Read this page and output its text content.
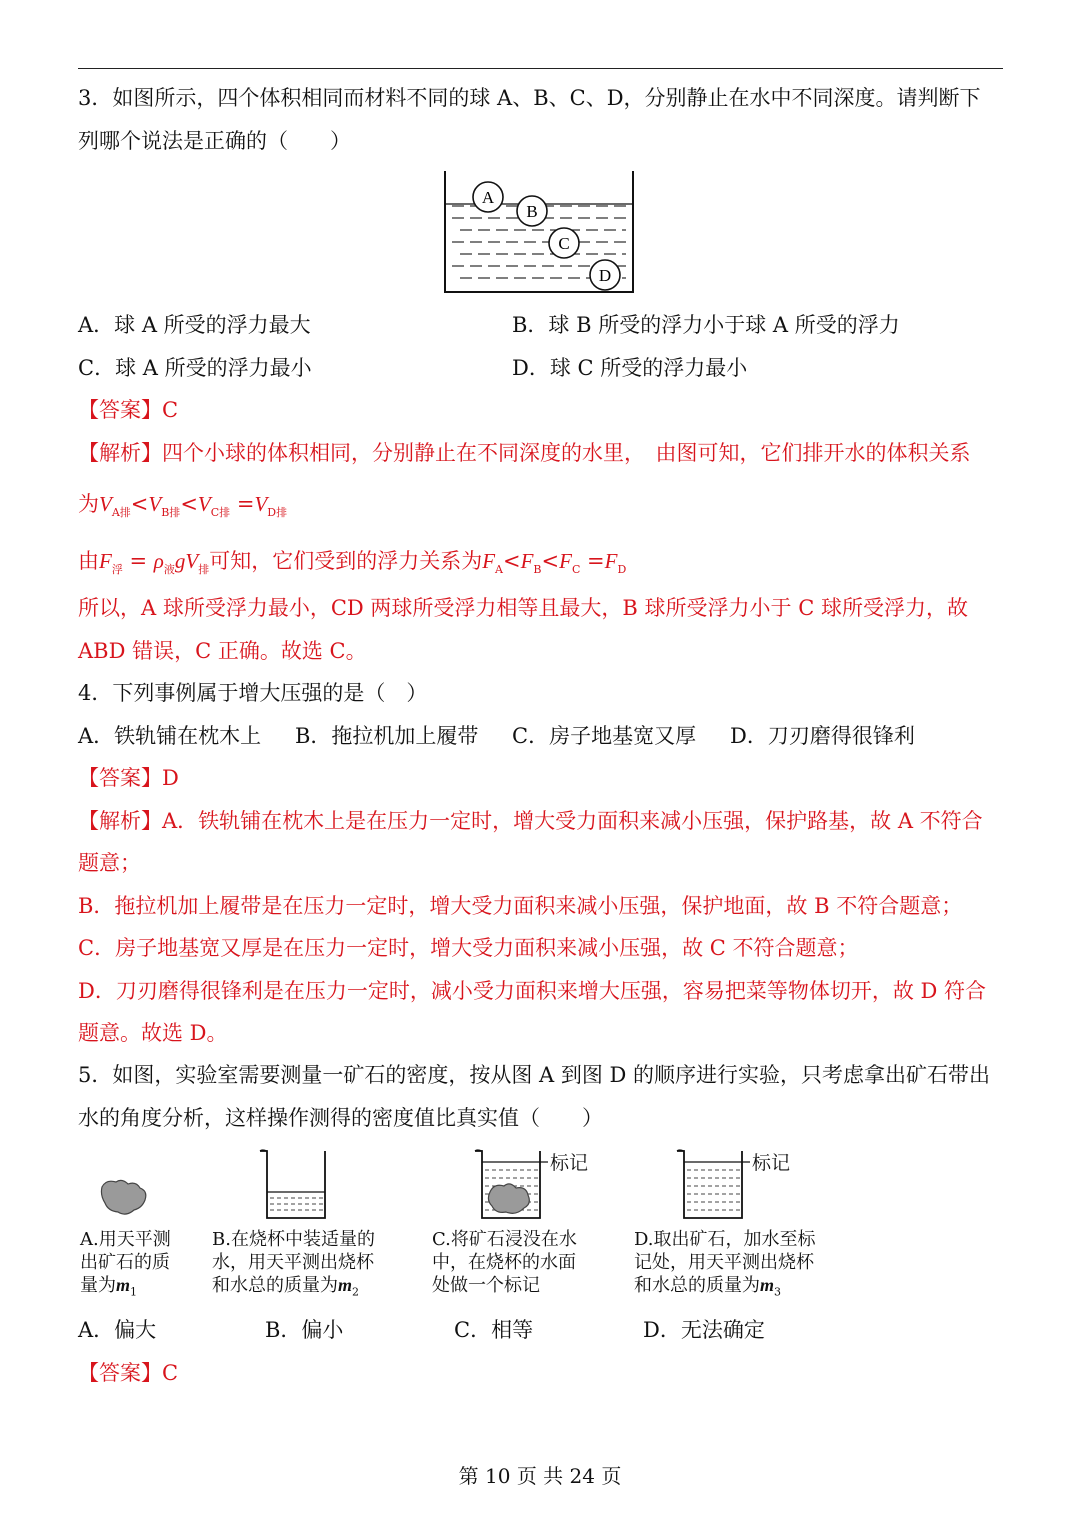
3．如图所示，四个体积相同而材料不同的球 A、B、C、D，分别静止在水中不同深度。请判断下
列哪个说法是正确的（　　）
A
B
C
D
A．球 A 所受的浮力最大	B．球 B 所受的浮力小于球 A 所受的浮力
C．球 A 所受的浮力最小	D．球 C 所受的浮力最小
【答案】C
【解析】四个小球的体积相同，分别静止在不同深度的水里，　由图可知，它们排开水的体积关系
为$V_{A排}<V_{B排}<V_{C排} =V_{D排}$
由$F_浮 = \rho_液gV_排$可知，它们受到的浮力关系为$F_A<F_B<F_C =F_D$
所以，A 球所受浮力最小，CD 两球所受浮力相等且最大，B 球所受浮力小于 C 球所受浮力，故
ABD 错误，C 正确。故选 C。
4．下列事例属于增大压强的是（　）
A．铁轨铺在枕木上 B．拖拉机加上履带 C．房子地基宽又厚 D．刀刃磨得很锋利
【答案】D
【解析】A．铁轨铺在枕木上是在压力一定时，增大受力面积来减小压强，保护路基，故 A 不符合
题意；
B．拖拉机加上履带是在压力一定时，增大受力面积来减小压强，保护地面，故 B 不符合题意；
C．房子地基宽又厚是在压力一定时，增大受力面积来减小压强，故 C 不符合题意；
D．刀刃磨得很锋利是在压力一定时，减小受力面积来增大压强，容易把菜等物体切开，故 D 符合
题意。故选 D。
5．如图，实验室需要测量一矿石的密度，按从图 A 到图 D 的顺序进行实验，只考虑拿出矿石带出
水的角度分析，这样操作测得的密度值比真实值（　　）
标记	标记
A.用天平测
出矿石的质
量为$m_1$
B.在烧杯中装适量的
水，用天平测出烧杯
和水总的质量为$m_2$
C.将矿石浸没在水
中，在烧杯的水面
处做一个标记
D.取出矿石，加水至标
记处，用天平测出烧杯
和水总的质量为$m_3$
A．偏大	B．偏小	C．相等	D．无法确定
【答案】C
第 10 页 共 24 页
